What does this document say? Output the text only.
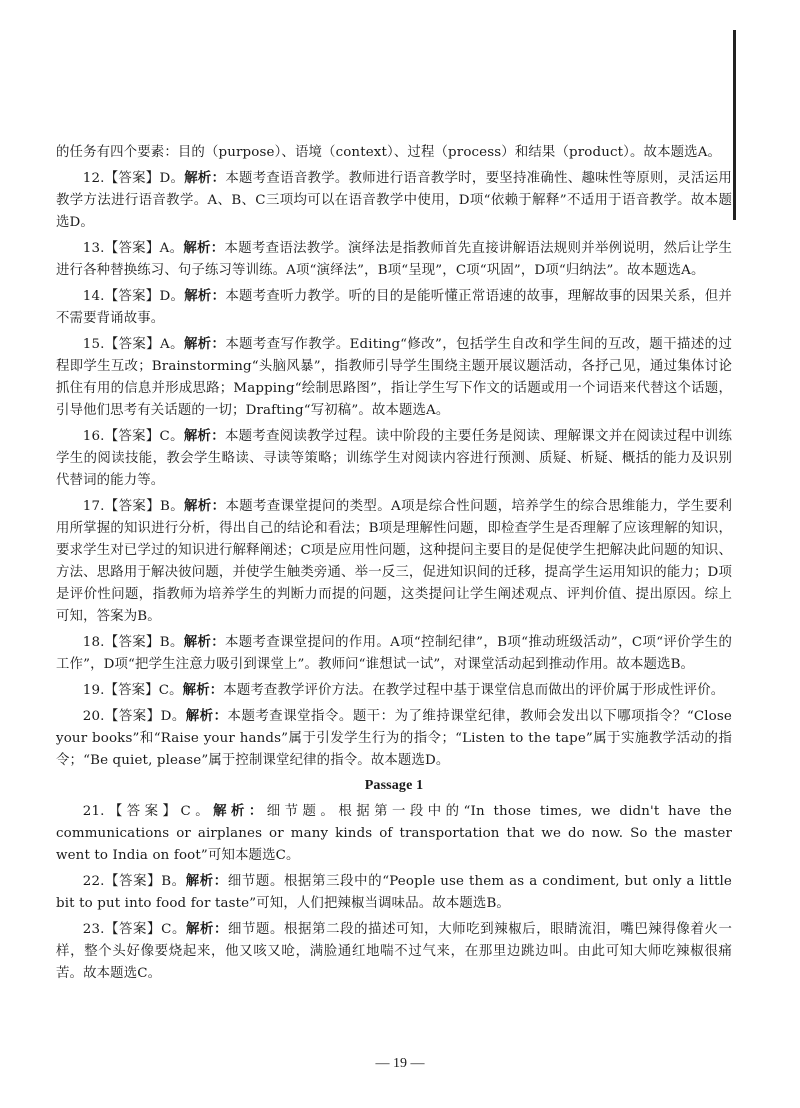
的任务有四个要素：目的（purpose）、语境（context）、过程（process）和结果（product）。故本题选A。

12.【答案】D。解析：本题考查语音教学。教师进行语音教学时，要坚持准确性、趣味性等原则，灵活运用教学方法进行语音教学。A、B、C三项均可以在语音教学中使用，D项“依赖于解释”不适用于语音教学。故本题选D。

13.【答案】A。解析：本题考查语法教学。演绎法是指教师首先直接讲解语法规则并举例说明，然后让学生进行各种替换练习、句子练习等训练。A项“演绎法”，B项“呈现”，C项“巩固”，D项“归纳法”。故本题选A。

14.【答案】D。解析：本题考查听力教学。听的目的是能听懂正常语速的故事，理解故事的因果关系，但并不需要背诵故事。

15.【答案】A。解析：本题考查写作教学。Editing“修改”，包括学生自改和学生间的互改，题干描述的过程即学生互改；Brainstorming“头脑风暴”，指教师引导学生围绕主题开展议题活动，各抒己见，通过集体讨论抓住有用的信息并形成思路；Mapping“绘制思路图”，指让学生写下作文的话题或用一个词语来代替这个话题，引导他们思考有关话题的一切；Drafting“写初稿”。故本题选A。

16.【答案】C。解析：本题考查阅读教学过程。读中阶段的主要任务是阅读、理解课文并在阅读过程中训练学生的阅读技能，教会学生略读、寻读等策略；训练学生对阅读内容进行预测、质疑、析疑、概括的能力及识别代替词的能力等。

17.【答案】B。解析：本题考查课堂提问的类型。A项是综合性问题，培养学生的综合思维能力，学生要利用所掌握的知识进行分析，得出自己的结论和看法；B项是理解性问题，即检查学生是否理解了应该理解的知识，要求学生对已学过的知识进行解释阐述；C项是应用性问题，这种提问主要目的是促使学生把解决此问题的知识、方法、思路用于解决彼问题，并使学生触类旁通、举一反三，促进知识间的迁移，提高学生运用知识的能力；D项是评价性问题，指教师为培养学生的判断力而提的问题，这类提问让学生阐述观点、评判价值、提出原因。综上可知，答案为B。

18.【答案】B。解析：本题考查课堂提问的作用。A项“控制纪律”，B项“推动班级活动”，C项“评价学生的工作”，D项“把学生注意力吸引到课堂上”。教师问“谁想试一试”，对课堂活动起到推动作用。故本题选B。

19.【答案】C。解析：本题考查教学评价方法。在教学过程中基于课堂信息而做出的评价属于形成性评价。

20.【答案】D。解析：本题考查课堂指令。题干：为了维持课堂纪律，教师会发出以下哪项指令？“Close your books”和“Raise your hands”属于引发学生行为的指令；“Listen to the tape”属于实施教学活动的指令；“Be quiet, please”属于控制课堂纪律的指令。故本题选D。

Passage 1

21.【答案】C。解析：细节题。根据第一段中的“In those times, we didn't have the communications or airplanes or many kinds of transportation that we do now. So the master went to India on foot”可知本题选C。

22.【答案】B。解析：细节题。根据第三段中的“People use them as a condiment, but only a little bit to put into food for taste”可知，人们把辣椒当调味品。故本题选B。

23.【答案】C。解析：细节题。根据第二段的描述可知，大师吃到辣椒后，眼睛流泪，嘴巴辣得像着火一样，整个头好像要烧起来，他又咳又呛，满脸通红地喘不过气来，在那里边跳边叫。由此可知大师吃辣椒很痛苦。故本题选C。

— 19 —
